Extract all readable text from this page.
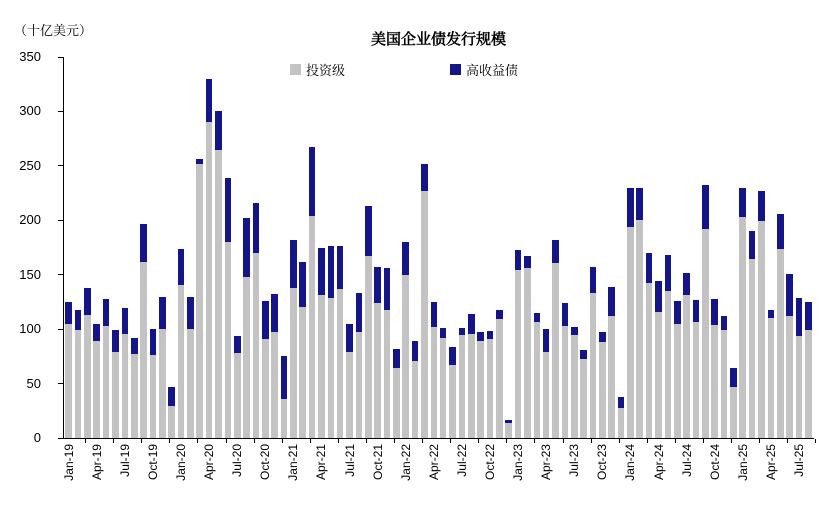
（十亿美元）
美国企业债发行规模
投资级	高收益债
0
50
100
150
200
250
300
350
Jan-19 Apr-19 Jul-19 Oct-19 Jan-20 Apr-20 Jul-20 Oct-20 Jan-21 Apr-21 Jul-21 Oct-21 Jan-22 Apr-22 Jul-22 Oct-22 Jan-23 Apr-23 Jul-23 Oct-23 Jan-24 Apr-24 Jul-24 Oct-24 Jan-25 Apr-25 Jul-25
